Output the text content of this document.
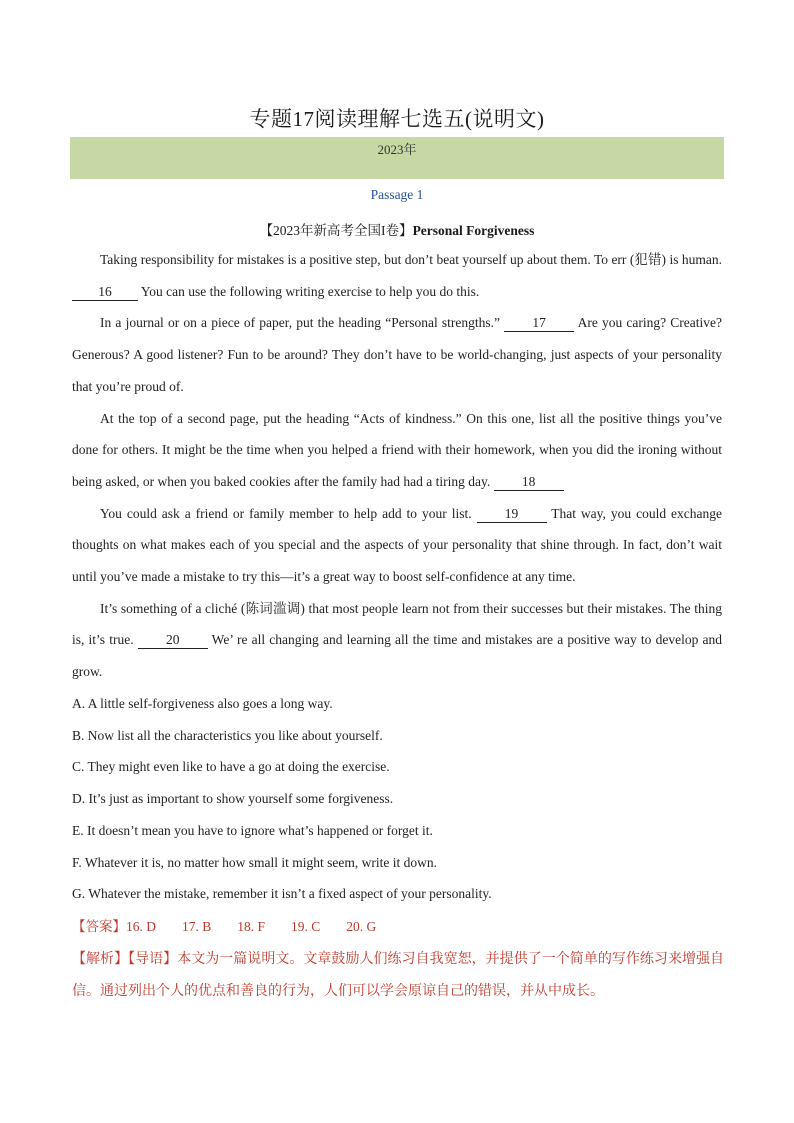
专题17阅读理解七选五(说明文)
2023年
Passage 1
【2023年新高考全国I卷】Personal Forgiveness

Taking responsibility for mistakes is a positive step, but don’t beat yourself up about them. To err (犯错) is human. 16 You can use the following writing exercise to help you do this.

In a journal or on a piece of paper, put the heading “Personal strengths.” 17 Are you caring? Creative? Generous? A good listener? Fun to be around? They don’t have to be world-changing, just aspects of your personality that you’re proud of.

At the top of a second page, put the heading “Acts of kindness.” On this one, list all the positive things you’ve done for others. It might be the time when you helped a friend with their homework, when you did the ironing without being asked, or when you baked cookies after the family had had a tiring day. 18

You could ask a friend or family member to help add to your list. 19 That way, you could exchange thoughts on what makes each of you special and the aspects of your personality that shine through. In fact, don’t wait until you’ve made a mistake to try this—it’s a great way to boost self-confidence at any time.

It’s something of a cliché (陈词滥调) that most people learn not from their successes but their mistakes. The thing is, it’s true. 20 We’ re all changing and learning all the time and mistakes are a positive way to develop and grow.

A. A little self-forgiveness also goes a long way.
B. Now list all the characteristics you like about yourself.
C. They might even like to have a go at doing the exercise.
D. It’s just as important to show yourself some forgiveness.
E. It doesn’t mean you have to ignore what’s happened or forget it.
F. Whatever it is, no matter how small it might seem, write it down.
G. Whatever the mistake, remember it isn’t a fixed aspect of your personality.
【答案】16. D 17. B 18. F 19. C 20. G
【解析】【导语】本文为一篇说明文。文章鼓励人们练习自我宽恕，并提供了一个简单的写作练习来增强自信。通过列出个人的优点和善良的行为，人们可以学会原谅自己的错误，并从中成长。
